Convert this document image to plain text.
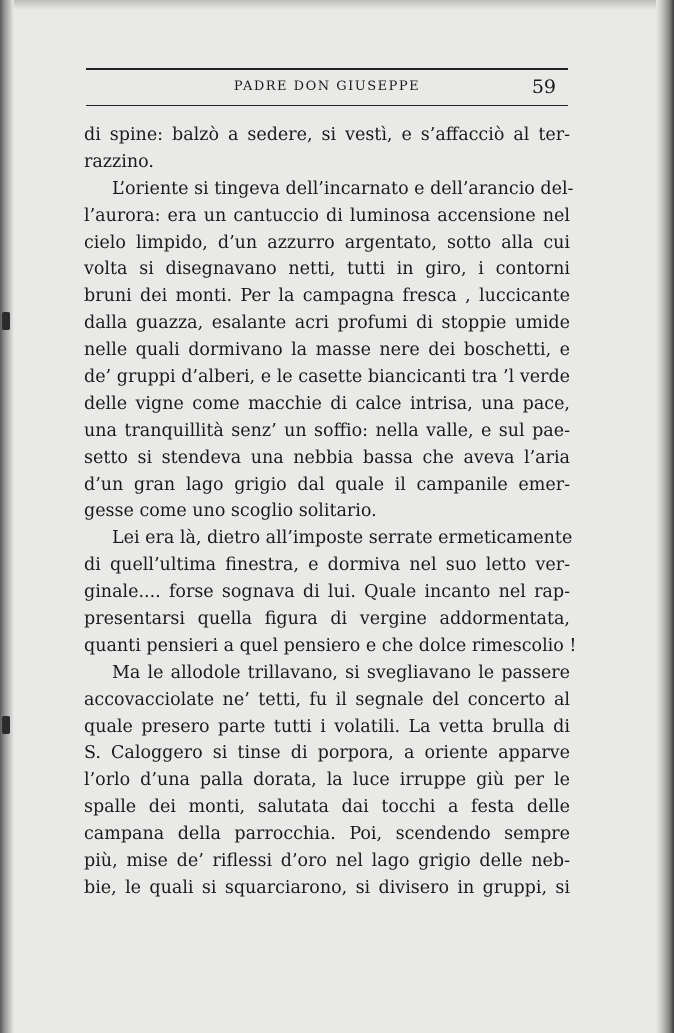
PADRE DON GIUSEPPE	59
di spine: balzò a sedere, si vestì, e s’affacciò al ter-
razzino.
L’oriente si tingeva dell’incarnato e dell’arancio del-
l’aurora: era un cantuccio di luminosa accensione nel
cielo limpido, d’un azzurro argentato, sotto alla cui
volta si disegnavano netti, tutti in giro, i contorni
bruni dei monti. Per la campagna fresca , luccicante
dalla guazza, esalante acri profumi di stoppie umide
nelle quali dormivano la masse nere dei boschetti, e
de’ gruppi d’alberi, e le casette biancicanti tra ’l verde
delle vigne come macchie di calce intrisa, una pace,
una tranquillità senz’ un soffio: nella valle, e sul pae-
setto si stendeva una nebbia bassa che aveva l’aria
d’un gran lago grigio dal quale il campanile emer-
gesse come uno scoglio solitario.
Lei era là, dietro all’imposte serrate ermeticamente
di quell’ultima finestra, e dormiva nel suo letto ver-
ginale.... forse sognava di lui. Quale incanto nel rap-
presentarsi quella figura di vergine addormentata,
quanti pensieri a quel pensiero e che dolce rimescolio !
Ma le allodole trillavano, si svegliavano le passere
accovacciolate ne’ tetti, fu il segnale del concerto al
quale presero parte tutti i volatili. La vetta brulla di
S. Caloggero si tinse di porpora, a oriente apparve
l’orlo d’una palla dorata, la luce irruppe giù per le
spalle dei monti, salutata dai tocchi a festa delle
campana della parrocchia. Poi, scendendo sempre
più, mise de’ riflessi d’oro nel lago grigio delle neb-
bie, le quali si squarciarono, si divisero in gruppi, si
